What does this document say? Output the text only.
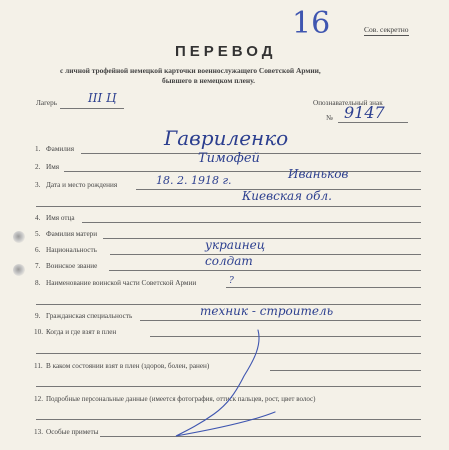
Сов. секретно
16
ПЕРЕВОД
с личной трофейной немецкой карточки военнослужащего Советской Армии,
бывшего в немецком плену.
Лагерь	III Ц	Опознавательный знак
№ 9147
1. Фамилия	Гавриленко
2. Имя
Тимофей
3. Дата и место рождения	18. 2. 1918 г.	Иваньков
Киевская обл.
4. Имя отца
5. Фамилия матери
6. Национальность	украинец
7. Воинское звание	солдат
8. Наименование воинской части Советской Армии	?
9. Гражданская специальность	техник - строитель
10. Когда и где взят в плен
11. В каком состоянии взят в плен (здоров, болен, ранен)
12. Подробные персональные данные (имеется фотография, оттиск пальцев, рост, цвет волос)
13. Особые приметы
